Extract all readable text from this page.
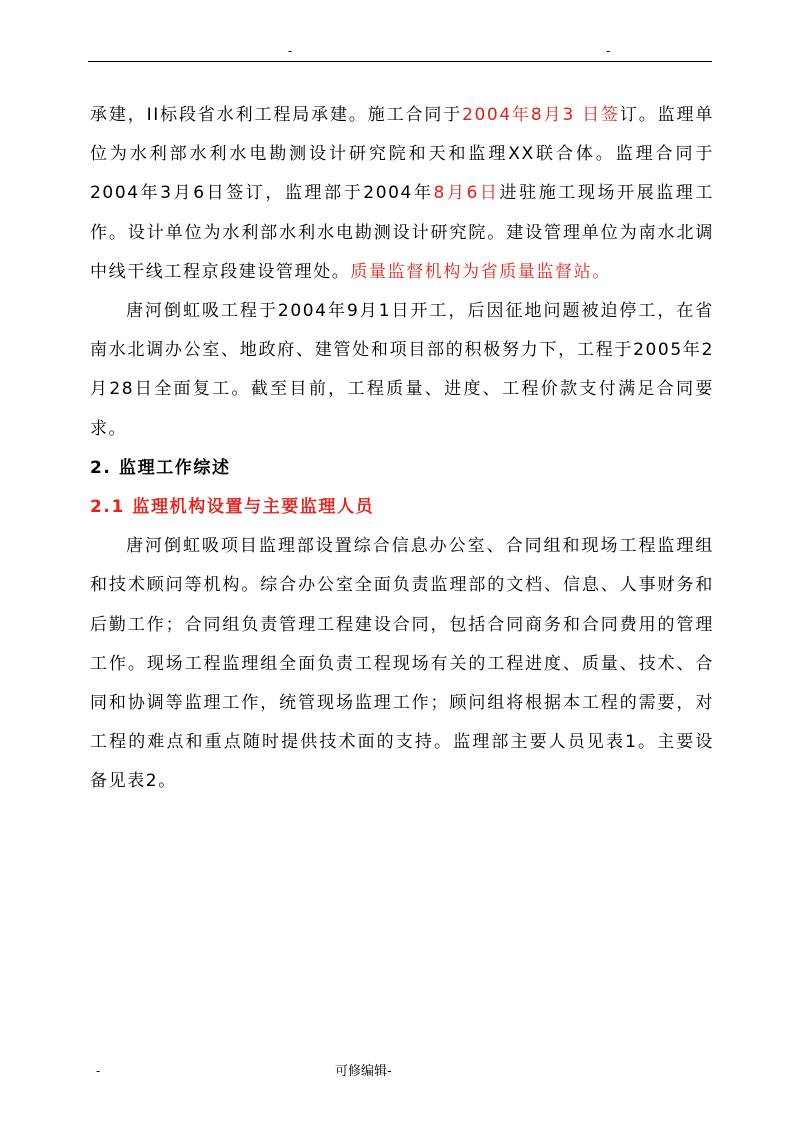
-	-

承建，II标段省水利工程局承建。施工合同于2004年8月3 日签订。监理单位为水利部水利水电勘测设计研究院和天和监理XX联合体。监理合同于2004年3月6日签订，监理部于2004年8月6日进驻施工现场开展监理工作。设计单位为水利部水利水电勘测设计研究院。建设管理单位为南水北调中线干线工程京段建设管理处。质量监督机构为省质量监督站。

唐河倒虹吸工程于2004年9月1日开工，后因征地问题被迫停工，在省南水北调办公室、地政府、建管处和项目部的积极努力下，工程于2005年2月28日全面复工。截至目前，工程质量、进度、工程价款支付满足合同要求。

2. 监理工作综述

2.1 监理机构设置与主要监理人员

唐河倒虹吸项目监理部设置综合信息办公室、合同组和现场工程监理组和技术顾问等机构。综合办公室全面负责监理部的文档、信息、人事财务和后勤工作；合同组负责管理工程建设合同，包括合同商务和合同费用的管理工作。现场工程监理组全面负责工程现场有关的工程进度、质量、技术、合同和协调等监理工作，统管现场监理工作；顾问组将根据本工程的需要，对工程的难点和重点随时提供技术面的支持。监理部主要人员见表1。主要设备见表2。

-	可修编辑-
